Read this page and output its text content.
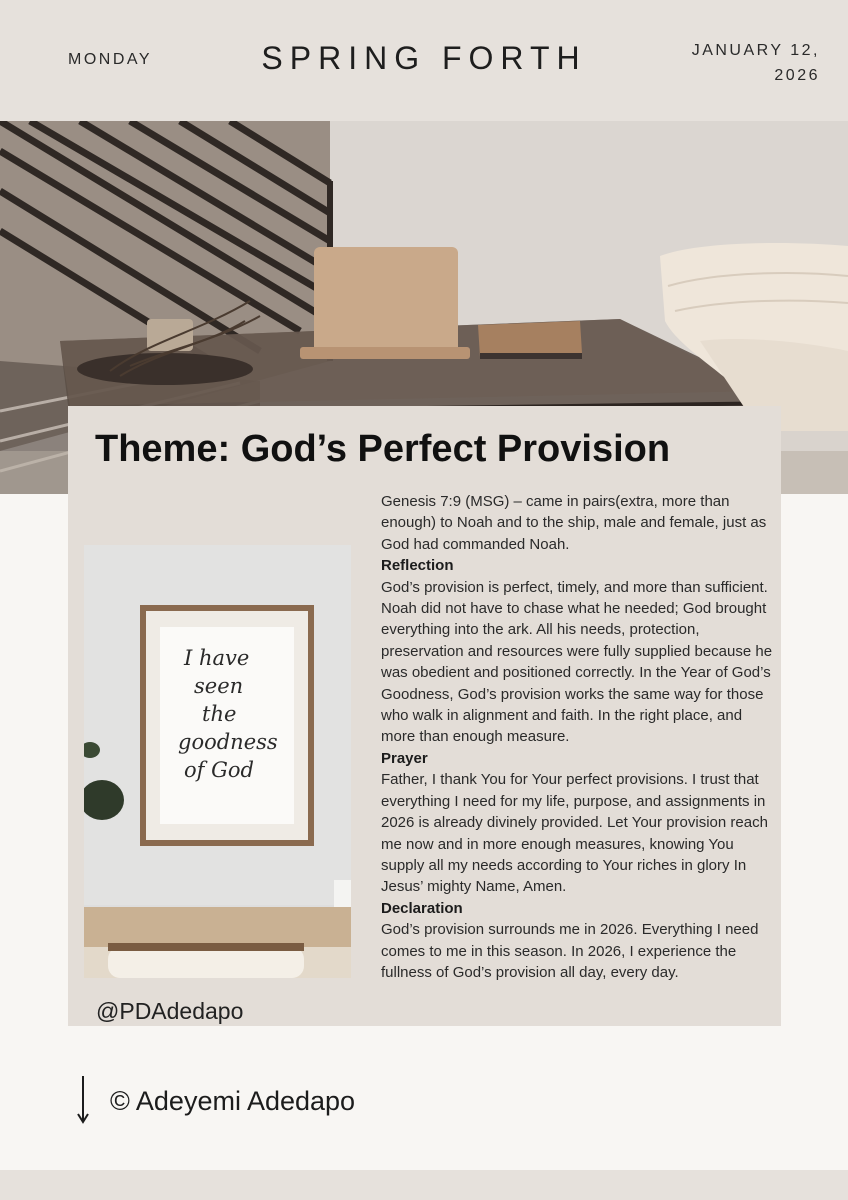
MONDAY	SPRING FORTH	JANUARY 12,
2026
Theme: God’s Perfect Provision
I have
seen
the
goodness
of God
@PDAdedapo

Genesis 7:9 (MSG) – came in pairs(extra, more than enough) to Noah and to the ship, male and female, just as God had commanded Noah.

Reflection

God’s provision is perfect, timely, and more than sufficient. Noah did not have to chase what he needed; God brought everything into the ark. All his needs, protection, preservation and resources were fully supplied because he was obedient and positioned correctly. In the Year of God’s Goodness, God’s provision works the same way for those who walk in alignment and faith. In the right place, and more than enough measure.

Prayer

Father, I thank You for Your perfect provisions. I trust that everything I need for my life, purpose, and assignments in 2026 is already divinely provided. Let Your provision reach me now and in more enough measures, knowing You supply all my needs according to Your riches in glory In Jesus’ mighty Name, Amen.

Declaration

God’s provision surrounds me in 2026. Everything I need comes to me in this season. In 2026, I experience the fullness of God’s provision all day, every day.

© Adeyemi Adedapo
